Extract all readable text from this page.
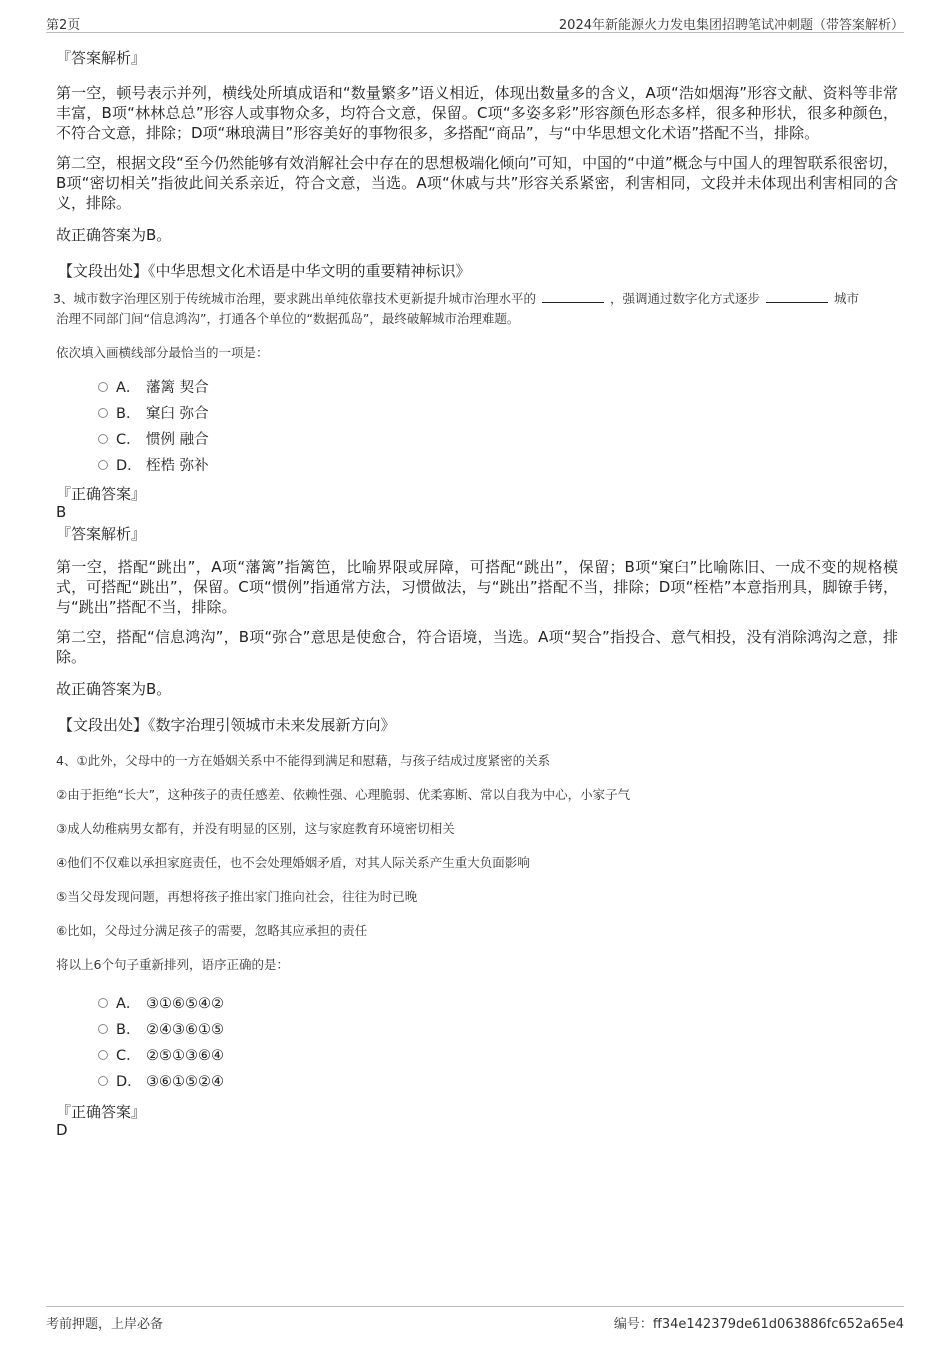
第2页	2024年新能源火力发电集团招聘笔试冲刺题（带答案解析）

『答案解析』

第一空，顿号表示并列，横线处所填成语和“数量繁多”语义相近，体现出数量多的含义，A项“浩如烟海”形容文献、资料等非常丰富，B项“林林总总”形容人或事物众多，均符合文意，保留。C项“多姿多彩”形容颜色形态多样，很多种形状，很多种颜色，不符合文意，排除；D项“琳琅满目”形容美好的事物很多，多搭配“商品”，与“中华思想文化术语”搭配不当，排除。

第二空，根据文段“至今仍然能够有效消解社会中存在的思想极端化倾向”可知，中国的“中道”概念与中国人的理智联系很密切，B项“密切相关”指彼此间关系亲近，符合文意，当选。A项“休戚与共”形容关系紧密，利害相同，文段并未体现出利害相同的含义，排除。

故正确答案为B。

【文段出处】《中华思想文化术语是中华文明的重要精神标识》

3、城市数字治理区别于传统城市治理，要求跳出单纯依靠技术更新提升城市治理水平的	，强调通过数字化方式逐步	城市
治理不同部门间“信息鸿沟”，打通各个单位的“数据孤岛”，最终破解城市治理难题。

依次填入画横线部分最恰当的一项是：

A． 藩篱 契合
B． 窠臼 弥合
C． 惯例 融合
D． 桎梏 弥补

『正确答案』

B

『答案解析』

第一空，搭配“跳出”，A项“藩篱”指篱笆，比喻界限或屏障，可搭配“跳出”，保留；B项“窠臼”比喻陈旧、一成不变的规格模式，可搭配“跳出”，保留。C项“惯例”指通常方法，习惯做法，与“跳出”搭配不当，排除；D项“桎梏”本意指刑具，脚镣手铐，与“跳出”搭配不当，排除。

第二空，搭配“信息鸿沟”，B项“弥合”意思是使愈合，符合语境，当选。A项“契合”指投合、意气相投，没有消除鸿沟之意，排除。

故正确答案为B。

【文段出处】《数字治理引领城市未来发展新方向》

4、①此外，父母中的一方在婚姻关系中不能得到满足和慰藉，与孩子结成过度紧密的关系

②由于拒绝“长大”，这种孩子的责任感差、依赖性强、心理脆弱、优柔寡断、常以自我为中心，小家子气

③成人幼稚病男女都有，并没有明显的区别，这与家庭教育环境密切相关

④他们不仅难以承担家庭责任，也不会处理婚姻矛盾，对其人际关系产生重大负面影响

⑤当父母发现问题，再想将孩子推出家门推向社会，往往为时已晚

⑥比如，父母过分满足孩子的需要，忽略其应承担的责任

将以上6个句子重新排列，语序正确的是：

A． ③①⑥⑤④②
B． ②④③⑥①⑤
C． ②⑤①③⑥④
D． ③⑥①⑤②④

『正确答案』

D

考前押题，上岸必备	编号：ff34e142379de61d063886fc652a65e4
